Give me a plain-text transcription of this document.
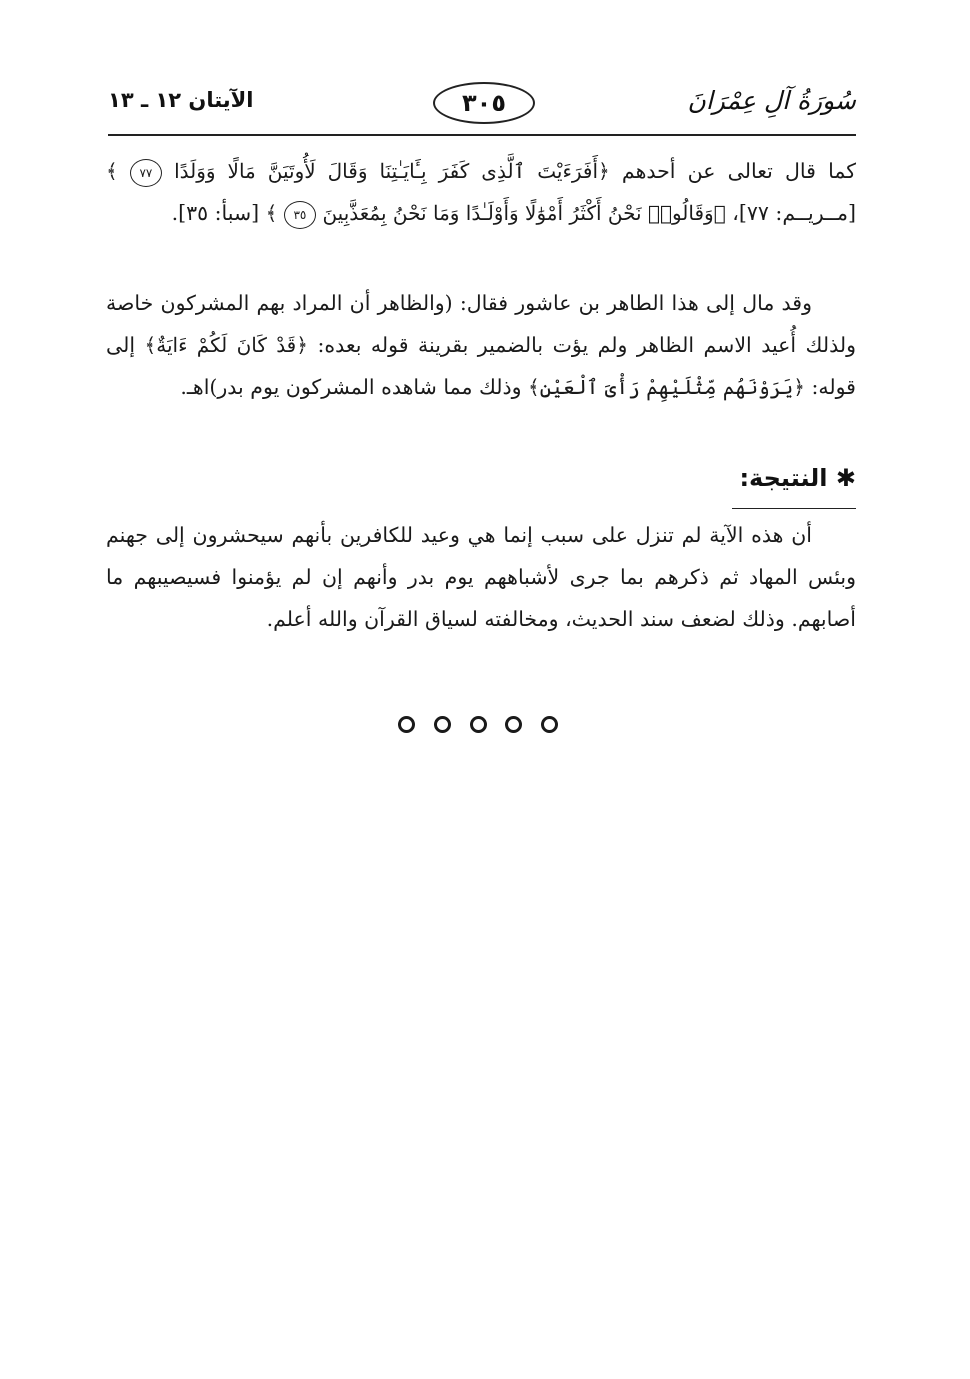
سُورَةُ آلِ عِمْرَانَ
٣٠٥
الآيتان ١٢ ـ ١٣
كما قال تعالى عن أحدهم ﴿أَفَرَءَيْتَ ٱلَّذِى كَفَرَ بِـَٔايَـٰتِنَا وَقَالَ لَأُوتَيَنَّ مَالًا وَوَلَدًا ٧٧ ﴾ [مــريــم: ٧٧]، ﴿وَقَالُوا۟ نَحْنُ أَكْثَرُ أَمْوَٰلًا وَأَوْلَـٰدًا وَمَا نَحْنُ بِمُعَذَّبِينَ ٣٥ ﴾ [سبأ: ٣٥].
وقد مال إلى هذا الطاهر بن عاشور فقال: (والظاهر أن المراد بهم المشركون خاصة ولذلك أُعيد الاسم الظاهر ولم يؤت بالضمير بقرينة قوله بعده: ﴿قَدْ كَانَ لَكُمْ ءَايَةٌ﴾ إلى قوله: ﴿يَرَوْنَهُم مِّثْلَيْهِمْ رَأْىَ ٱلْعَيْنِ﴾ وذلك مما شاهده المشركون يوم بدر)اهـ.
✱ النتيجة:
أن هذه الآية لم تنزل على سبب إنما هي وعيد للكافرين بأنهم سيحشرون إلى جهنم وبئس المهاد ثم ذكرهم بما جرى لأشباههم يوم بدر وأنهم إن لم يؤمنوا فسيصيبهم ما أصابهم. وذلك لضعف سند الحديث، ومخالفته لسياق القرآن والله أعلم.
